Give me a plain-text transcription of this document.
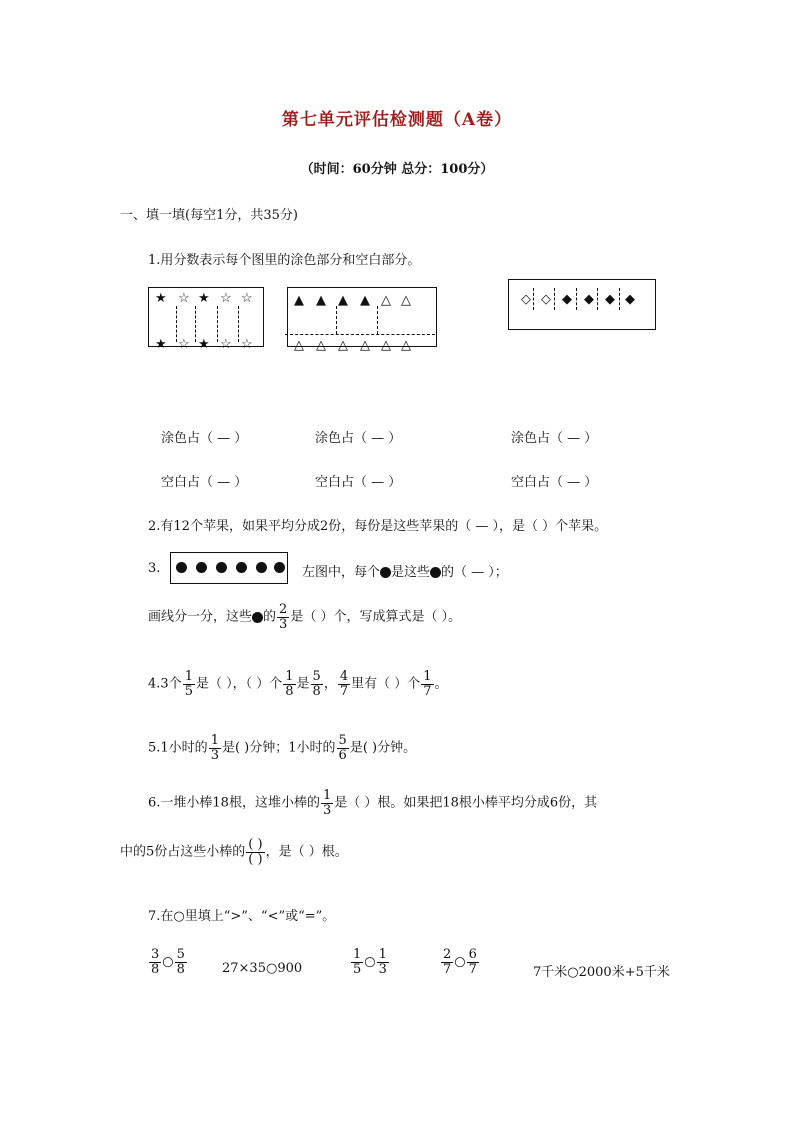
第七单元评估检测题（A卷）
（时间：60分钟 总分：100分）
一、填一填(每空1分，共35分)
1.用分数表示每个图里的涂色部分和空白部分。
★ ☆ ★ ☆ ☆
★ ☆ ★ ☆ ☆
▲ ▲ ▲ ▲ △ △
△ △ △ △ △ △
◇ ◇ ◆ ◆ ◆ ◆
涂色占（ — ）	涂色占（ — ）	涂色占（ — ）
空白占（ — ）	空白占（ — ）	空白占（ — ）
2.有12个苹果，如果平均分成2份，每份是这些苹果的（ — ），是（ ）个苹果。
3.	左图中，每个 是这些 的（ — ）；
画线分一分，这些 的 $\frac{2}{3}$ 是（ ）个，写成算式是（ ）。
4.3个 $\frac{1}{5}$ 是（ ），（ ）个 $\frac{1}{8}$ 是 $\frac{5}{8}$ ， $\frac{4}{7}$ 里有（ ）个 $\frac{1}{7}$ 。
5.1小时的 $\frac{1}{3}$ 是( )分钟；1小时的 $\frac{5}{6}$ 是( )分钟。
6.一堆小棒18根，这堆小棒的 $\frac{1}{3}$ 是（ ）根。如果把18根小棒平均分成6份，其
中的5份占这些小棒的 $\frac{( )}{( )}$ ，是（ ）根。
7.在○里填上“>”、“<”或“=”。
$\frac{3}{8}$ ○ $\frac{5}{8}$	27×35○900	$\frac{1}{5}$ ○ $\frac{1}{3}$	$\frac{2}{7}$ ○ $\frac{6}{7}$	7千米○2000米+5千米
